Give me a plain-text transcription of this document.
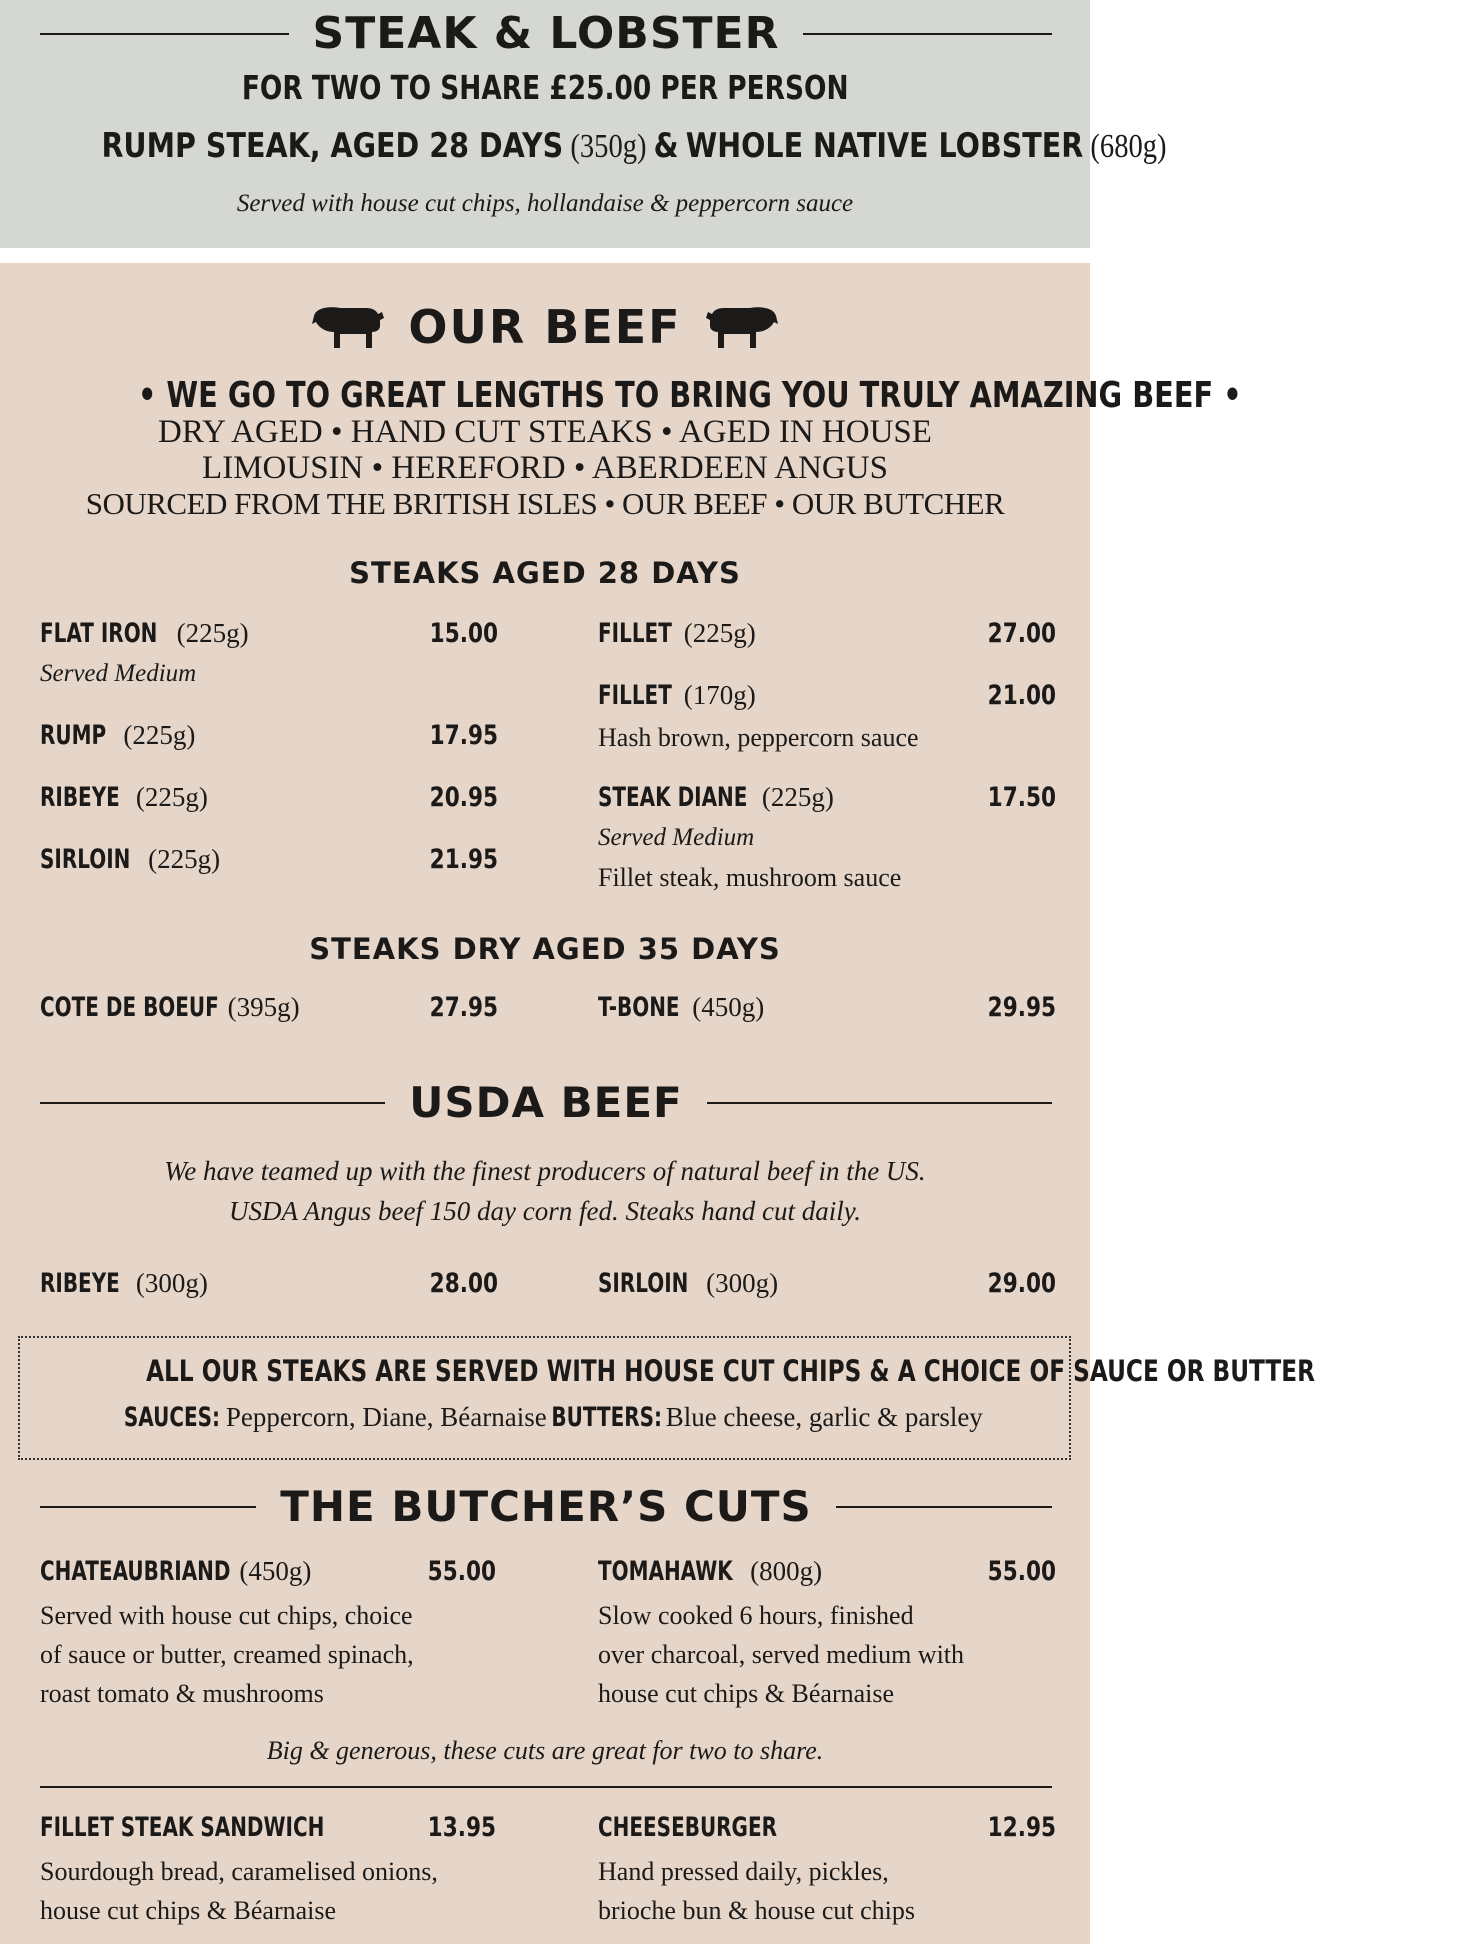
STEAK & LOBSTER
FOR TWO TO SHARE £25.00 PER PERSON
RUMP STEAK, AGED 28 DAYS (350g) & WHOLE NATIVE LOBSTER (680g)
Served with house cut chips, hollandaise & peppercorn sauce
OUR BEEF
• WE GO TO GREAT LENGTHS TO BRING YOU TRULY AMAZING BEEF •
DRY AGED • HAND CUT STEAKS • AGED IN HOUSE
LIMOUSIN • HEREFORD • ABERDEEN ANGUS
SOURCED FROM THE BRITISH ISLES • OUR BEEF • OUR BUTCHER
STEAKS AGED 28 DAYS
FLAT IRON (225g)	15.00
Served Medium
RUMP (225g)	17.95
RIBEYE (225g)	20.95
SIRLOIN (225g)	21.95
FILLET (225g)	27.00
FILLET (170g)	21.00
Hash brown, peppercorn sauce
STEAK DIANE (225g)	17.50
Served Medium
Fillet steak, mushroom sauce
STEAKS DRY AGED 35 DAYS
COTE DE BOEUF (395g)	27.95	T-BONE (450g)	29.95
USDA BEEF
We have teamed up with the finest producers of natural beef in the US.
USDA Angus beef 150 day corn fed. Steaks hand cut daily.
RIBEYE (300g)	28.00	SIRLOIN (300g)	29.00
ALL OUR STEAKS ARE SERVED WITH HOUSE CUT CHIPS & A CHOICE OF SAUCE OR BUTTER
SAUCES: Peppercorn, Diane, Béarnaise BUTTERS: Blue cheese, garlic & parsley
THE BUTCHER’S CUTS
CHATEAUBRIAND (450g)	55.00
Served with house cut chips, choice
of sauce or butter, creamed spinach,
roast tomato & mushrooms
TOMAHAWK (800g)	55.00
Slow cooked 6 hours, finished
over charcoal, served medium with
house cut chips & Béarnaise
Big & generous, these cuts are great for two to share.
FILLET STEAK SANDWICH	13.95
Sourdough bread, caramelised onions,
house cut chips & Béarnaise
CHEESEBURGER	12.95
Hand pressed daily, pickles,
brioche bun & house cut chips
